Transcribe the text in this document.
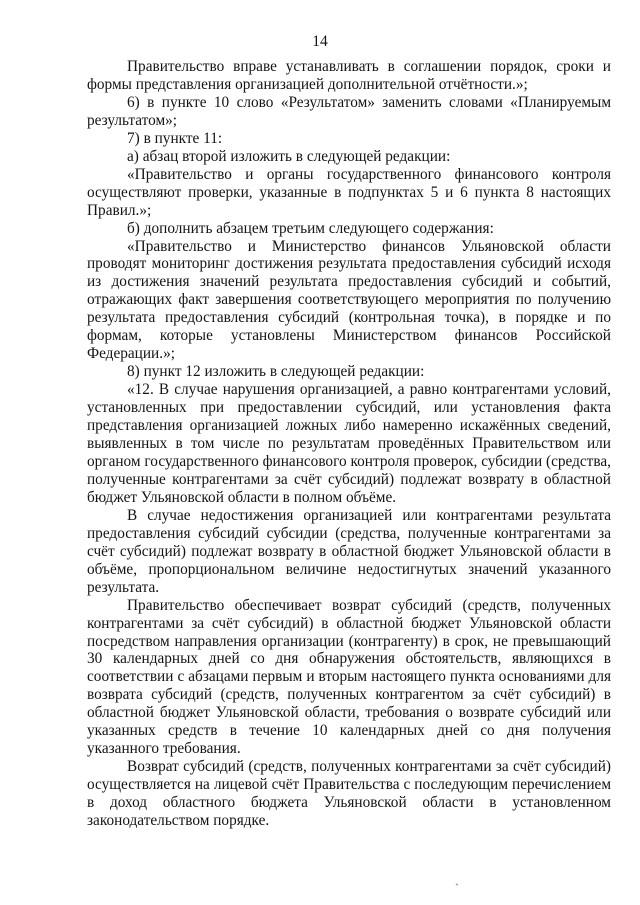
14

Правительство вправе устанавливать в соглашении порядок, сроки и формы представления организацией дополнительной отчётности.»;

6) в пункте 10 слово «Результатом» заменить словами «Планируемым результатом»;

7) в пункте 11:

а) абзац второй изложить в следующей редакции:

«Правительство и органы государственного финансового контроля осуществляют проверки, указанные в подпунктах 5 и 6 пункта 8 настоящих Правил.»;

б) дополнить абзацем третьим следующего содержания:

«Правительство и Министерство финансов Ульяновской области проводят мониторинг достижения результата предоставления субсидий исходя из достижения значений результата предоставления субсидий и событий, отражающих факт завершения соответствующего мероприятия по получению результата предоставления субсидий (контрольная точка), в порядке и по формам, которые установлены Министерством финансов Российской Федерации.»;

8) пункт 12 изложить в следующей редакции:

«12. В случае нарушения организацией, а равно контрагентами условий, установленных при предоставлении субсидий, или установления факта представления организацией ложных либо намеренно искажённых сведений, выявленных в том числе по результатам проведённых Правительством или органом государственного финансового контроля проверок, субсидии (средства, полученные контрагентами за счёт субсидий) подлежат возврату в областной бюджет Ульяновской области в полном объёме.

В случае недостижения организацией или контрагентами результата предоставления субсидий субсидии (средства, полученные контрагентами за счёт субсидий) подлежат возврату в областной бюджет Ульяновской области в объёме, пропорциональном величине недостигнутых значений указанного результата.

Правительство обеспечивает возврат субсидий (средств, полученных контрагентами за счёт субсидий) в областной бюджет Ульяновской области посредством направления организации (контрагенту) в срок, не превышающий 30 календарных дней со дня обнаружения обстоятельств, являющихся в соответствии с абзацами первым и вторым настоящего пункта основаниями для возврата субсидий (средств, полученных контрагентом за счёт субсидий) в областной бюджет Ульяновской области, требования о возврате субсидий или указанных средств в течение 10 календарных дней со дня получения указанного требования.

Возврат субсидий (средств, полученных контрагентами за счёт субсидий) осуществляется на лицевой счёт Правительства с последующим перечислением в доход областного бюджета Ульяновской области в установленном законодательством порядке.

ˎ
